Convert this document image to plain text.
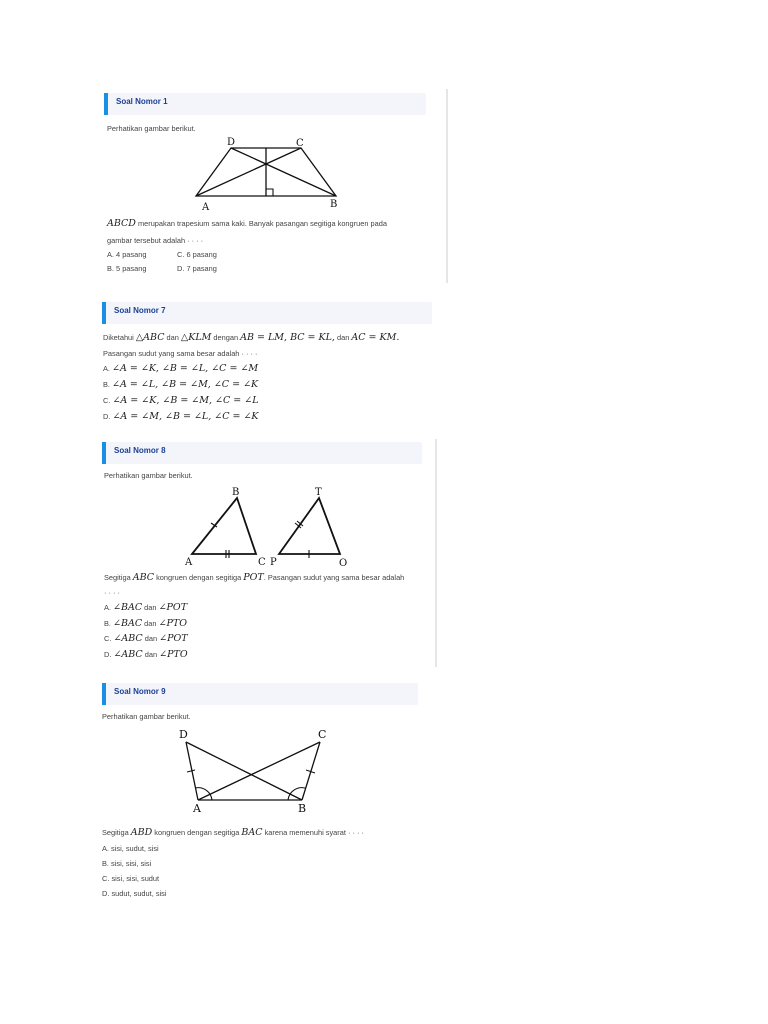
Soal Nomor 1
Perhatikan gambar berikut.
D	C
A	B
ABCD merupakan trapesium sama kaki. Banyak pasangan segitiga kongruen pada
gambar tersebut adalah · · · ·
A. 4 pasang	C. 6 pasang
B. 5 pasang	D. 7 pasang
Soal Nomor 7
Diketahui △ABC dan △KLM dengan AB = LM, BC = KL, dan AC = KM.
Pasangan sudut yang sama besar adalah · · · ·
A. ∠A = ∠K, ∠B = ∠L, ∠C = ∠M
B. ∠A = ∠L, ∠B = ∠M, ∠C = ∠K
C. ∠A = ∠K, ∠B = ∠M, ∠C = ∠L
D. ∠A = ∠M, ∠B = ∠L, ∠C = ∠K
Soal Nomor 8
Perhatikan gambar berikut.
B
A	C P
T
O
Segitiga ABC kongruen dengan segitiga POT. Pasangan sudut yang sama besar adalah
· · · ·
A. ∠BAC dan ∠POT
B. ∠BAC dan ∠PTO
C. ∠ABC dan ∠POT
D. ∠ABC dan ∠PTO
Soal Nomor 9
Perhatikan gambar berikut.
D	C
A	B
Segitiga ABD kongruen dengan segitiga BAC karena memenuhi syarat · · · ·
A. sisi, sudut, sisi
B. sisi, sisi, sisi
C. sisi, sisi, sudut
D. sudut, sudut, sisi
